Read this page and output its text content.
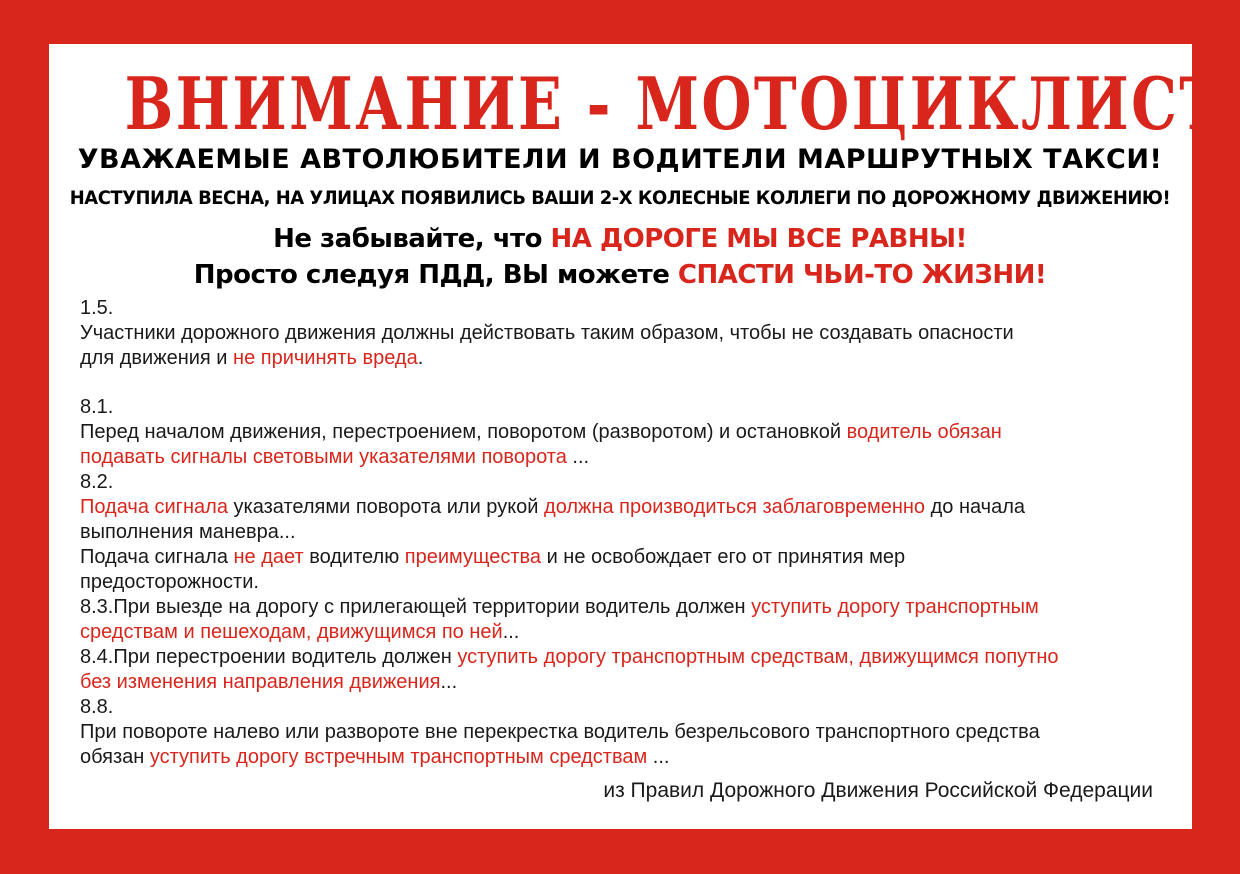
ВНИМАНИЕ - МОТОЦИКЛИСТ
УВАЖАЕМЫЕ АВТОЛЮБИТЕЛИ И ВОДИТЕЛИ МАРШРУТНЫХ ТАКСИ!
НАСТУПИЛА ВЕСНА, НА УЛИЦАХ ПОЯВИЛИСЬ ВАШИ 2-Х КОЛЕСНЫЕ КОЛЛЕГИ ПО ДОРОЖНОМУ ДВИЖЕНИЮ!
Не забывайте, что НА ДОРОГЕ МЫ ВСЕ РАВНЫ!
Просто следуя ПДД, ВЫ можете СПАСТИ ЧЬИ-ТО ЖИЗНИ!
1.5.
Участники дорожного движения должны действовать таким образом, чтобы не создавать опасности
для движения и не причинять вреда.
8.1.
Перед началом движения, перестроением, поворотом (разворотом) и остановкой водитель обязан
подавать сигналы световыми указателями поворота ...
8.2.
Подача сигнала указателями поворота или рукой должна производиться заблаговременно до начала
выполнения маневра...
Подача сигнала не дает водителю преимущества и не освобождает его от принятия мер
предосторожности.
8.3.При выезде на дорогу с прилегающей территории водитель должен уступить дорогу транспортным
средствам и пешеходам, движущимся по ней...
8.4.При перестроении водитель должен уступить дорогу транспортным средствам, движущимся попутно
без изменения направления движения...
8.8.
При повороте налево или развороте вне перекрестка водитель безрельсового транспортного средства
обязан уступить дорогу встречным транспортным средствам ...
из Правил Дорожного Движения Российской Федерации
